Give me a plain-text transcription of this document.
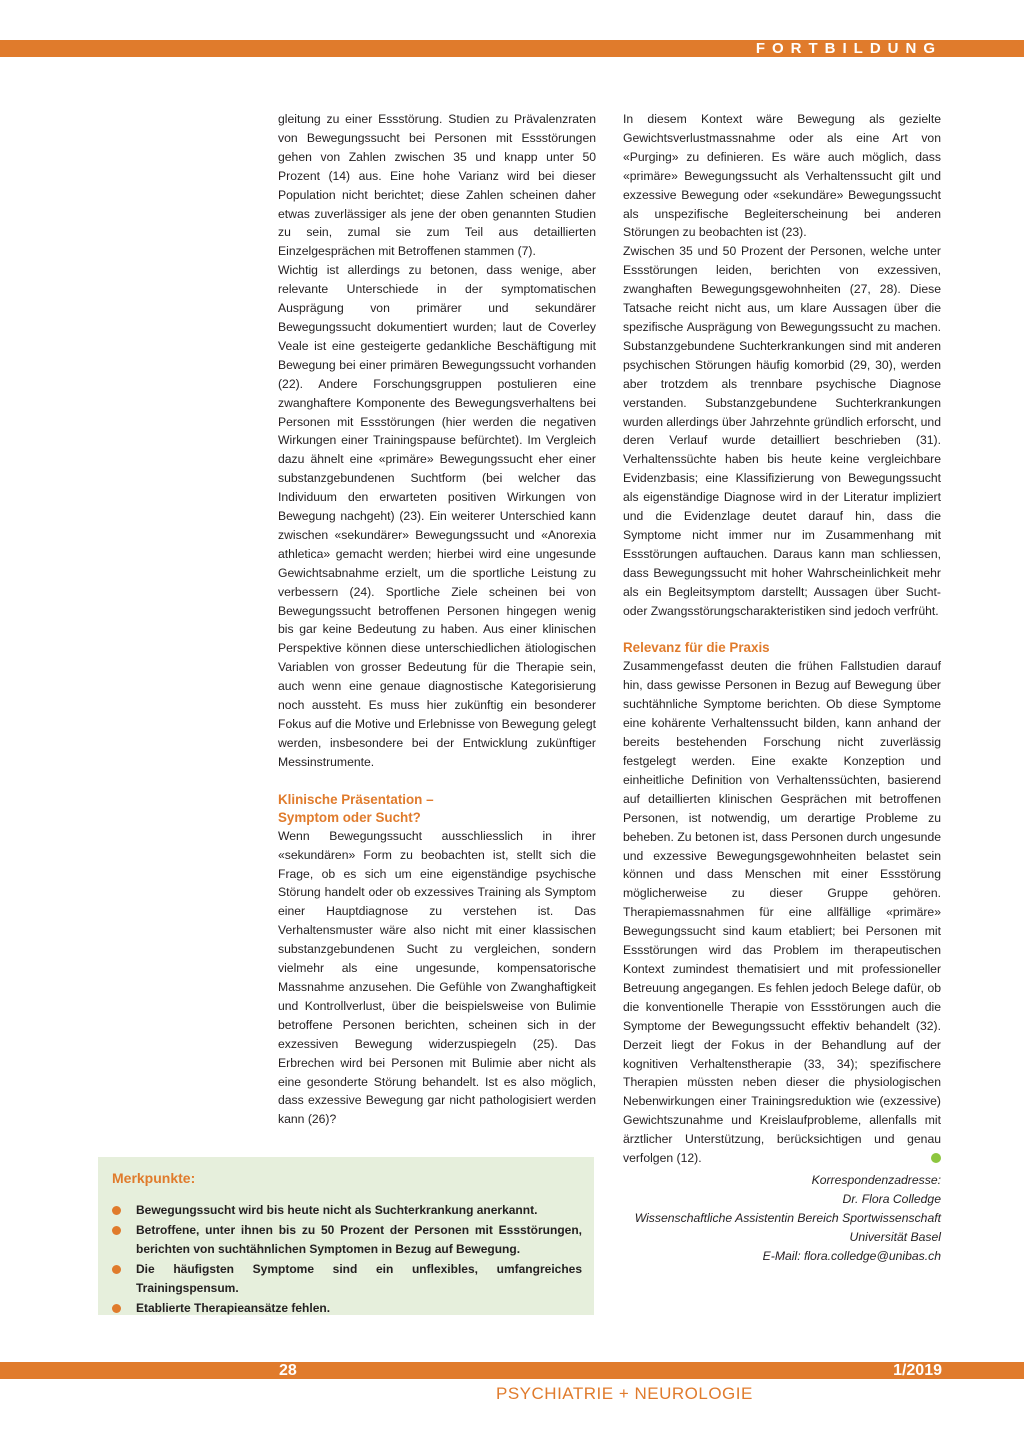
FORTBILDUNG

gleitung zu einer Essstörung. Studien zu Prävalenzraten von Bewegungssucht bei Personen mit Essstörungen gehen von Zahlen zwischen 35 und knapp unter 50 Prozent (14) aus. Eine hohe Varianz wird bei dieser Population nicht berichtet; diese Zahlen scheinen daher etwas zuverlässiger als jene der oben genannten Studien zu sein, zumal sie zum Teil aus detaillierten Einzelgesprächen mit Betroffenen stammen (7).

Wichtig ist allerdings zu betonen, dass wenige, aber relevante Unterschiede in der symptomatischen Ausprägung von primärer und sekundärer Bewegungssucht dokumentiert wurden; laut de Coverley Veale ist eine gesteigerte gedankliche Beschäftigung mit Bewegung bei einer primären Bewegungssucht vorhanden (22). Andere Forschungsgruppen postulieren eine zwanghaftere Komponente des Bewegungsverhaltens bei Personen mit Essstörungen (hier werden die negativen Wirkungen einer Trainingspause befürchtet). Im Vergleich dazu ähnelt eine «primäre» Bewegungssucht eher einer substanzgebundenen Suchtform (bei welcher das Individuum den erwarteten positiven Wirkungen von Bewegung nachgeht) (23). Ein weiterer Unterschied kann zwischen «sekundärer» Bewegungssucht und «Anorexia athletica» gemacht werden; hierbei wird eine ungesunde Gewichtsabnahme erzielt, um die sportliche Leistung zu verbessern (24). Sportliche Ziele scheinen bei von Bewegungssucht betroffenen Personen hingegen wenig bis gar keine Bedeutung zu haben. Aus einer klinischen Perspektive können diese unterschiedlichen ätiologischen Variablen von grosser Bedeutung für die Therapie sein, auch wenn eine genaue diagnostische Kategorisierung noch aussteht. Es muss hier zukünftig ein besonderer Fokus auf die Motive und Erlebnisse von Bewegung gelegt werden, insbesondere bei der Entwicklung zukünftiger Messinstrumente.

Klinische Präsentation –
Symptom oder Sucht?

Wenn Bewegungssucht ausschliesslich in ihrer «sekundären» Form zu beobachten ist, stellt sich die Frage, ob es sich um eine eigenständige psychische Störung handelt oder ob exzessives Training als Symptom einer Hauptdiagnose zu verstehen ist. Das Verhaltensmuster wäre also nicht mit einer klassischen substanzgebundenen Sucht zu vergleichen, sondern vielmehr als eine ungesunde, kompensatorische Massnahme anzusehen. Die Gefühle von Zwanghaftigkeit und Kontrollverlust, über die beispielsweise von Bulimie betroffene Personen berichten, scheinen sich in der exzessiven Bewegung widerzuspiegeln (25). Das Erbrechen wird bei Personen mit Bulimie aber nicht als eine gesonderte Störung behandelt. Ist es also möglich, dass exzessive Bewegung gar nicht pathologisiert werden kann (26)?

In diesem Kontext wäre Bewegung als gezielte Gewichtsverlustmassnahme oder als eine Art von «Purging» zu definieren. Es wäre auch möglich, dass «primäre» Bewegungssucht als Verhaltenssucht gilt und exzessive Bewegung oder «sekundäre» Bewegungssucht als unspezifische Begleiterscheinung bei anderen Störungen zu beobachten ist (23).

Zwischen 35 und 50 Prozent der Personen, welche unter Essstörungen leiden, berichten von exzessiven, zwanghaften Bewegungsgewohnheiten (27, 28). Diese Tatsache reicht nicht aus, um klare Aussagen über die spezifische Ausprägung von Bewegungssucht zu machen. Substanzgebundene Suchterkrankungen sind mit anderen psychischen Störungen häufig komorbid (29, 30), werden aber trotzdem als trennbare psychische Diagnose verstanden. Substanzgebundene Suchterkrankungen wurden allerdings über Jahrzehnte gründlich erforscht, und deren Verlauf wurde detailliert beschrieben (31). Verhaltenssüchte haben bis heute keine vergleichbare Evidenzbasis; eine Klassifizierung von Bewegungssucht als eigenständige Diagnose wird in der Literatur impliziert und die Evidenzlage deutet darauf hin, dass die Symptome nicht immer nur im Zusammenhang mit Essstörungen auftauchen. Daraus kann man schliessen, dass Bewegungssucht mit hoher Wahrscheinlichkeit mehr als ein Begleitsymptom darstellt; Aussagen über Sucht- oder Zwangsstörungscharakteristiken sind jedoch verfrüht.

Relevanz für die Praxis

Zusammengefasst deuten die frühen Fallstudien darauf hin, dass gewisse Personen in Bezug auf Bewegung über suchtähnliche Symptome berichten. Ob diese Symptome eine kohärente Verhaltenssucht bilden, kann anhand der bereits bestehenden Forschung nicht zuverlässig festgelegt werden. Eine exakte Konzeption und einheitliche Definition von Verhaltenssüchten, basierend auf detaillierten klinischen Gesprächen mit betroffenen Personen, ist notwendig, um derartige Probleme zu beheben. Zu betonen ist, dass Personen durch ungesunde und exzessive Bewegungsgewohnheiten belastet sein können und dass Menschen mit einer Essstörung möglicherweise zu dieser Gruppe gehören. Therapiemassnahmen für eine allfällige «primäre» Bewegungssucht sind kaum etabliert; bei Personen mit Essstörungen wird das Problem im therapeutischen Kontext zumindest thematisiert und mit professioneller Betreuung angegangen. Es fehlen jedoch Belege dafür, ob die konventionelle Therapie von Essstörungen auch die Symptome der Bewegungssucht effektiv behandelt (32). Derzeit liegt der Fokus in der Behandlung auf der kognitiven Verhaltenstherapie (33, 34); spezifischere Therapien müssten neben dieser die physiologischen Nebenwirkungen einer Trainingsreduktion wie (exzessive) Gewichtszunahme und Kreislaufprobleme, allenfalls mit ärztlicher Unterstützung, berücksichtigen und genau verfolgen (12).

Korrespondenzadresse:
Dr. Flora Colledge
Wissenschaftliche Assistentin Bereich Sportwissenschaft
Universität Basel
E-Mail: flora.colledge@unibas.ch
Merkpunkte:
Bewegungssucht wird bis heute nicht als Suchterkrankung anerkannt.
Betroffene, unter ihnen bis zu 50 Prozent der Personen mit Essstörungen, berichten von suchtähnlichen Symptomen in Bezug auf Bewegung.
Die häufigsten Symptome sind ein unflexibles, umfangreiches Trainingspensum.
Etablierte Therapieansätze fehlen.
28	1/2019
PSYCHIATRIE + NEUROLOGIE
